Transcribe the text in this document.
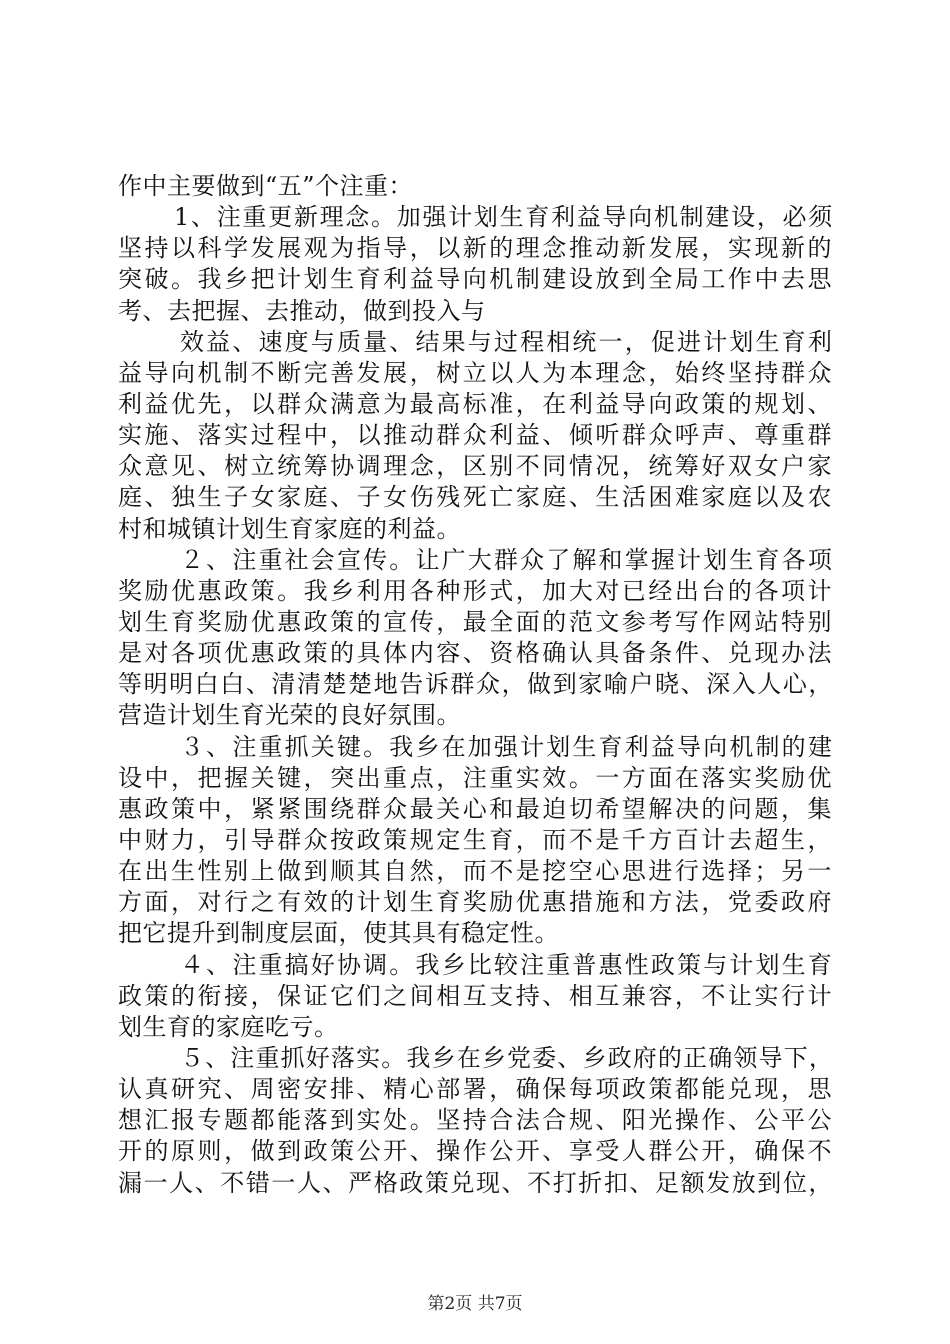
作中主要做到“五”个注重：
1、注重更新理念。加强计划生育利益导向机制建设，必须
坚持以科学发展观为指导，以新的理念推动新发展，实现新的
突破。我乡把计划生育利益导向机制建设放到全局工作中去思
考、去把握、去推动，做到投入与
效益、速度与质量、结果与过程相统一，促进计划生育利
益导向机制不断完善发展，树立以人为本理念，始终坚持群众
利益优先，以群众满意为最高标准，在利益导向政策的规划、
实施、落实过程中，以推动群众利益、倾听群众呼声、尊重群
众意见、树立统筹协调理念，区别不同情况，统筹好双女户家
庭、独生子女家庭、子女伤残死亡家庭、生活困难家庭以及农
村和城镇计划生育家庭的利益。
２、注重社会宣传。让广大群众了解和掌握计划生育各项
奖励优惠政策。我乡利用各种形式，加大对已经出台的各项计
划生育奖励优惠政策的宣传，最全面的范文参考写作网站特别
是对各项优惠政策的具体内容、资格确认具备条件、兑现办法
等明明白白、清清楚楚地告诉群众，做到家喻户晓、深入人心，
营造计划生育光荣的良好氛围。
３、注重抓关键。我乡在加强计划生育利益导向机制的建
设中，把握关键，突出重点，注重实效。一方面在落实奖励优
惠政策中，紧紧围绕群众最关心和最迫切希望解决的问题，集
中财力，引导群众按政策规定生育，而不是千方百计去超生，
在出生性别上做到顺其自然，而不是挖空心思进行选择；另一
方面，对行之有效的计划生育奖励优惠措施和方法，党委政府
把它提升到制度层面，使其具有稳定性。
４、注重搞好协调。我乡比较注重普惠性政策与计划生育
政策的衔接，保证它们之间相互支持、相互兼容，不让实行计
划生育的家庭吃亏。
５、注重抓好落实。我乡在乡党委、乡政府的正确领导下，
认真研究、周密安排、精心部署，确保每项政策都能兑现，思
想汇报专题都能落到实处。坚持合法合规、阳光操作、公平公
开的原则，做到政策公开、操作公开、享受人群公开，确保不
漏一人、不错一人、严格政策兑现、不打折扣、足额发放到位，
第2页 共7页
